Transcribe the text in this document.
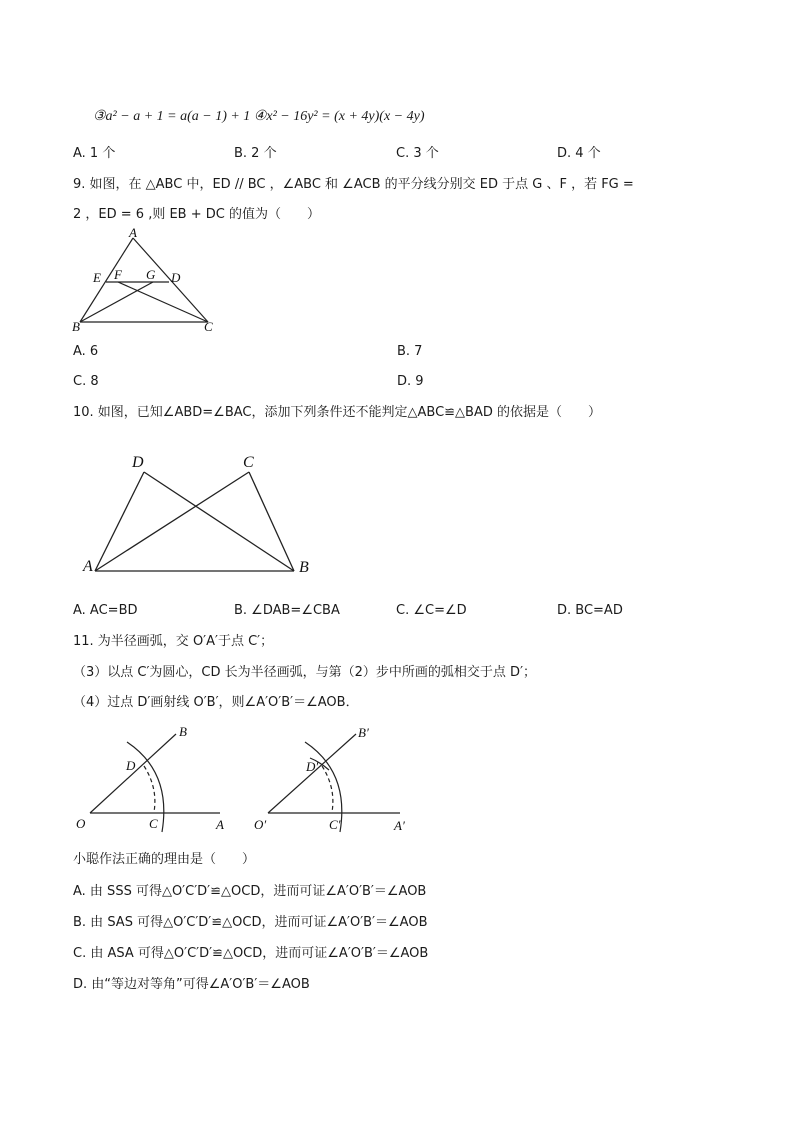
③a² − a + 1 = a(a − 1) + 1 ④x² − 16y² = (x + 4y)(x − 4y)
A. 1 个	B. 2 个	C. 3 个	D. 4 个
9. 如图，在 △ABC 中，ED // BC ，∠ABC 和 ∠ACB 的平分线分别交 ED 于点 G 、F ，若 FG =
2 ，ED = 6 ,则 EB + DC 的值为（　　）
A
E F G D
B	C
A. 6	B. 7
C. 8	D. 9
10. 如图，已知∠ABD=∠BAC，添加下列条件还不能判定△ABC≌△BAD 的依据是（　　）
D	C
A	B
A. AC=BD	B. ∠DAB=∠CBA	C. ∠C=∠D	D. BC=AD
11. 为半径画弧，交 O′A′于点 C′；
（3）以点 C′为圆心，CD 长为半径画弧，与第（2）步中所画的弧相交于点 D′；
（4）过点 D′画射线 O′B′，则∠A′O′B′＝∠AOB．
B
D
O	C	A
B′
D′
O′	C′	A′
小聪作法正确的理由是（　　）
A. 由 SSS 可得△O′C′D′≌△OCD，进而可证∠A′O′B′＝∠AOB
B. 由 SAS 可得△O′C′D′≌△OCD，进而可证∠A′O′B′＝∠AOB
C. 由 ASA 可得△O′C′D′≌△OCD，进而可证∠A′O′B′＝∠AOB
D. 由“等边对等角”可得∠A′O′B′＝∠AOB
